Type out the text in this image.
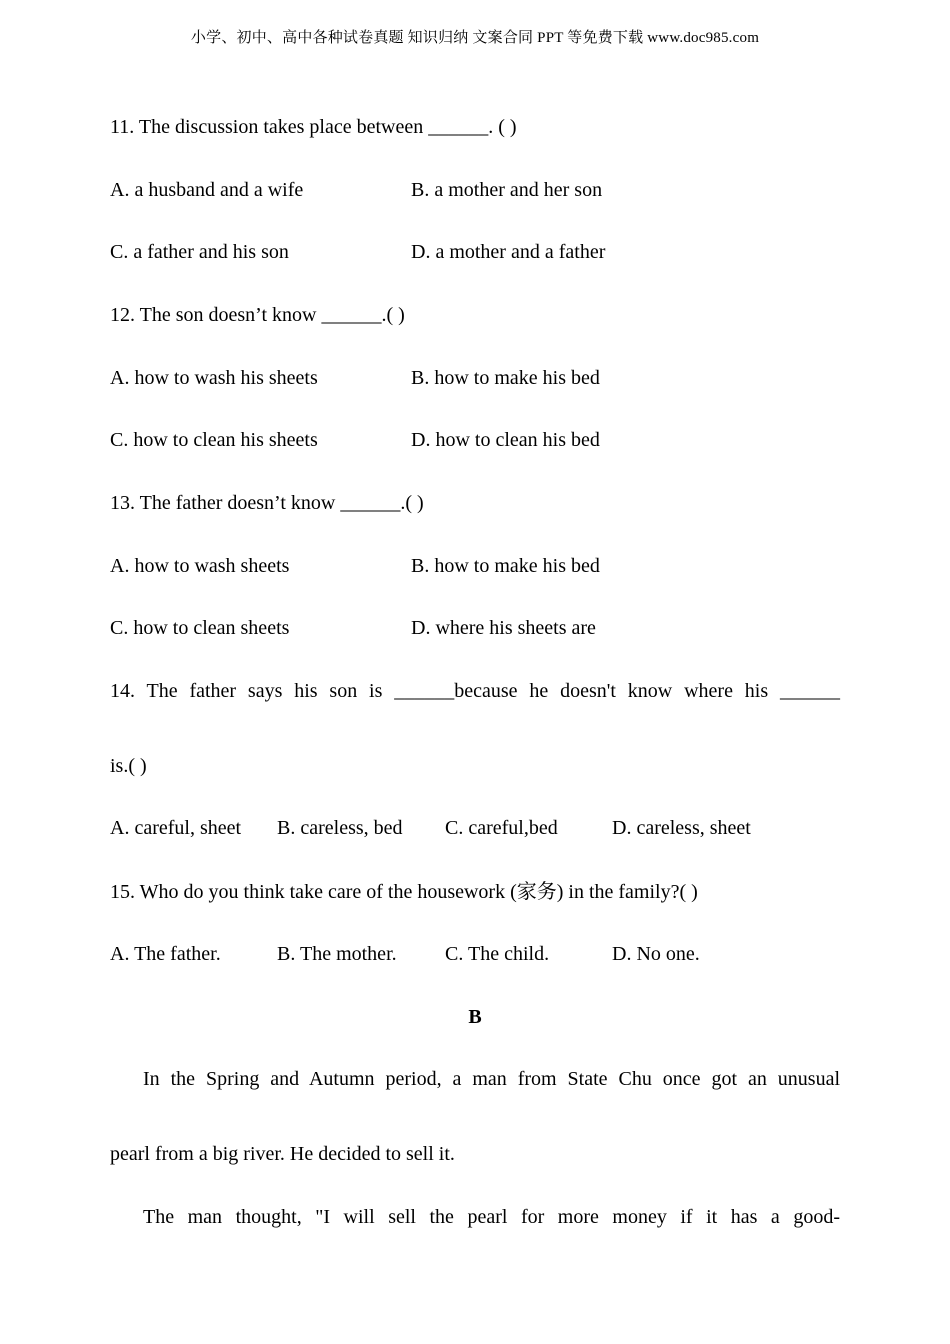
小学、初中、高中各种试卷真题 知识归纳 文案合同 PPT 等免费下载 www.doc985.com
11. The discussion takes place between ______. ( )
A. a husband and a wife	B. a mother and her son
C. a father and his son	D. a mother and a father
12. The son doesn’t know ______.( )
A. how to wash his sheets	B. how to make his bed
C. how to clean his sheets	D. how to clean his bed
13. The father doesn’t know ______.( )
A. how to wash sheets	B. how to make his bed
C. how to clean sheets	D. where his sheets are
14. The father says his son is ______because he doesn't know where his ______
is.( )
A. careful, sheet B. careless, bed C. careful,bed	D. careless, sheet
15. Who do you think take care of the housework (家务) in the family?( )
A. The father.	B. The mother. C. The child.	D. No one.
B
In the Spring and Autumn period, a man from State Chu once got an unusual
pearl from a big river. He decided to sell it.
The man thought, "I will sell the pearl for more money if it has a good-
